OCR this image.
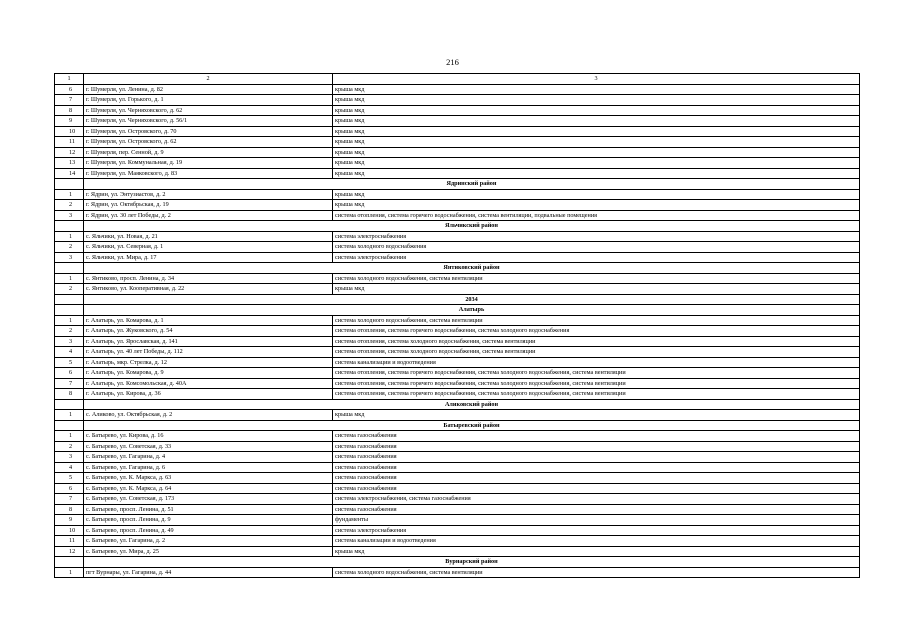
216
1	2	3
6	г. Шумерля, ул. Ленина, д. 82	крыша мкд
7	г. Шумерля, ул. Горького, д. 1	крыша мкд
8	г. Шумерля, ул. Черняховского, д. 62	крыша мкд
9	г. Шумерля, ул. Черняховского, д. 56/1	крыша мкд
10	г. Шумерля, ул. Островского, д. 70	крыша мкд
11	г. Шумерля, ул. Островского, д. 62	крыша мкд
12	г. Шумерля, пер. Сенной, д. 9	крыша мкд
13	г. Шумерля, ул. Коммунальная, д. 19	крыша мкд
14	г. Шумерля, ул. Маяковского, д. 83	крыша мкд
	Ядринский район	
1	г. Ядрин, ул. Энтузиастов, д. 2	крыша мкд
2	г. Ядрин, ул. Октябрьская, д. 19	крыша мкд
3	г. Ядрин, ул. 30 лет Победы, д. 2	система отопления, система горячего водоснабжения, система вентиляции, подвальные помещения
	Яльчикский район	
1	с. Яльчики, ул. Новая, д. 21	система электроснабжения
2	с. Яльчики, ул. Северная, д. 1	система холодного водоснабжения
3	с. Яльчики, ул. Мира, д. 17	система электроснабжения
	Янтиковский район	
1	с. Янтиково, просп. Ленина, д. 34	система холодного водоснабжения, система вентиляции
2	с. Янтиково, ул. Кооперативная, д. 22	крыша мкд
	2034	
	Алатырь	
1	г. Алатырь, ул. Комарова, д. 1	система холодного водоснабжения, система вентиляции
2	г. Алатырь, ул. Жуковского, д. 54	система отопления, система горячего водоснабжения, система холодного водоснабжения
3	г. Алатырь, ул. Ярославская, д. 141	система отопления, система холодного водоснабжения, система вентиляции
4	г. Алатырь, ул. 40 лет Победы, д. 112	система отопления, система холодного водоснабжения, система вентиляции
5	г. Алатырь, мкр. Стрелка, д. 12	система канализации и водоотведения
6	г. Алатырь, ул. Комарова, д. 9	система отопления, система горячего водоснабжения, система холодного водоснабжения, система вентиляции
7	г. Алатырь, ул. Комсомольская, д. 40А	система отопления, система горячего водоснабжения, система холодного водоснабжения, система вентиляции
8	г. Алатырь, ул. Кирова, д. 36	система отопления, система горячего водоснабжения, система холодного водоснабжения, система вентиляции
	Аликовский район	
1	с. Аликово, ул. Октябрьская, д. 2	крыша мкд
	Батыревский район	
1	с. Батырево, ул. Кирова, д. 16	система газоснабжения
2	с. Батырево, ул. Советская, д. 33	система газоснабжения
3	с. Батырево, ул. Гагарина, д. 4	система газоснабжения
4	с. Батырево, ул. Гагарина, д. 6	система газоснабжения
5	с. Батырево, ул. К. Маркса, д. 63	система газоснабжения
6	с. Батырево, ул. К. Маркса, д. 64	система газоснабжения
7	с. Батырево, ул. Советская, д. 173	система электроснабжения, система газоснабжения
8	с. Батырево, просп. Ленина, д. 51	система газоснабжения
9	с. Батырево, просп. Ленина, д. 9	фундаменты
10	с. Батырево, просп. Ленина, д. 49	система электроснабжения
11	с. Батырево, ул. Гагарина, д. 2	система канализации и водоотведения
12	с. Батырево, ул. Мира, д. 25	крыша мкд
	Вурнарский район	
1	пгт Вурнары, ул. Гагарина, д. 44	система холодного водоснабжения, система вентиляции
